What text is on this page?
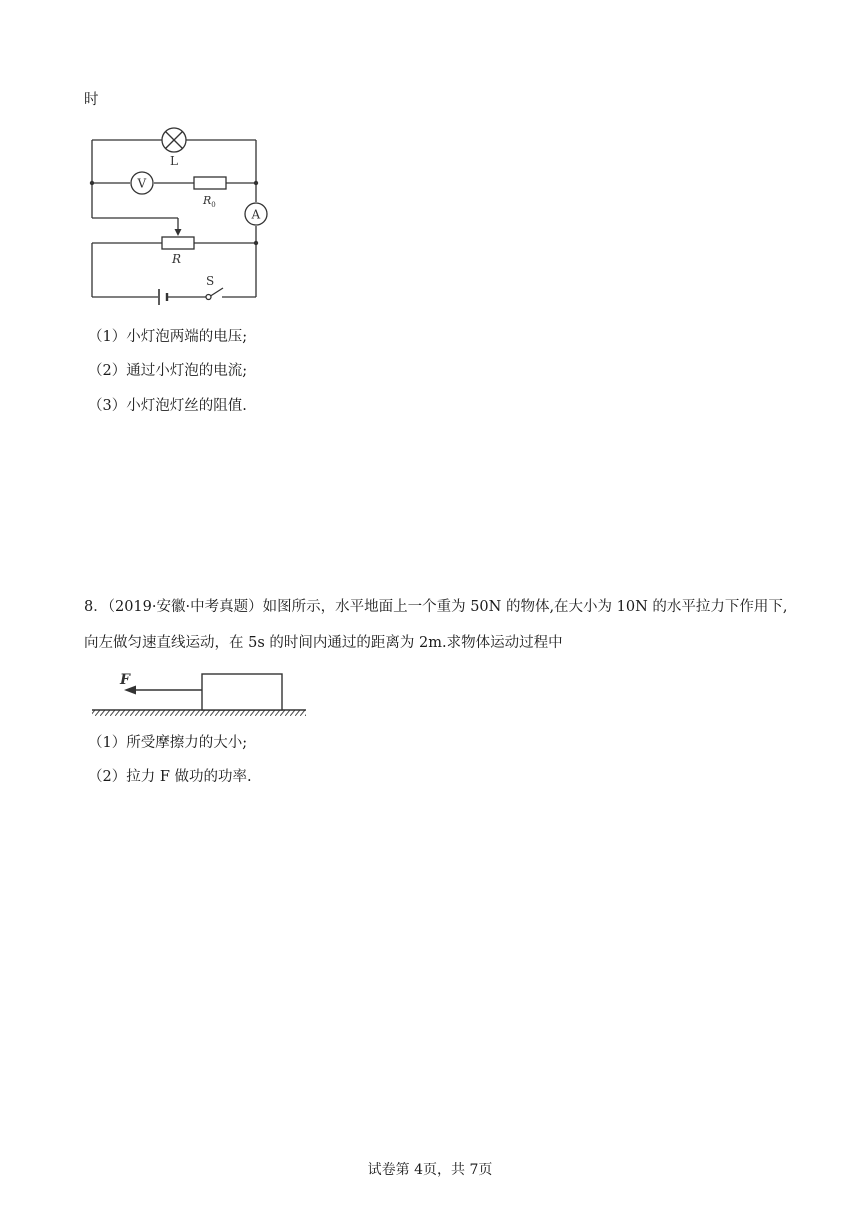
时
L
V
$R_0$
A
R
S
（1）小灯泡两端的电压;
（2）通过小灯泡的电流;
（3）小灯泡灯丝的阻值.
8．（2019·安徽·中考真题）如图所示，水平地面上一个重为 50N 的物体,在大小为 10N 的水平拉力下作用下,
向左做匀速直线运动，在 5s 的时间内通过的距离为 2m.求物体运动过程中
F
（1）所受摩擦力的大小;
（2）拉力 F 做功的功率.
试卷第 4页，共 7页
